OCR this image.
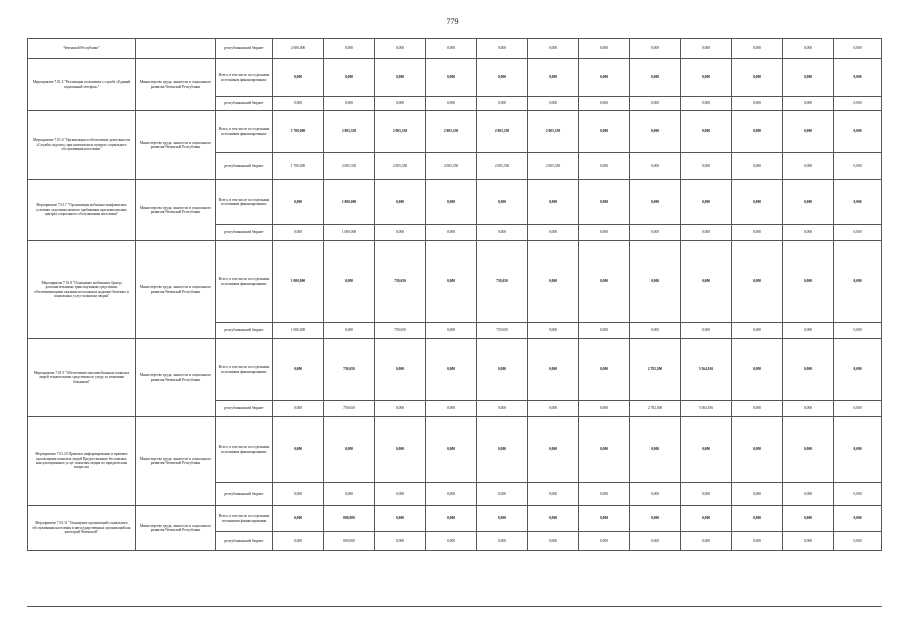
779
Чеченской Республике"		республиканский бюджет	2 600,000	0,000	0,000	0,000	0,000	0,000	0,000	0,000	0,000	0,000	0,000	0,000
Мероприятие 7.01.5 "Реализация положения о службе «Единый социальный телефон»"	Министерство труда, занятости и социального развития Чеченской Республики	Всего, в том числе по отдельным источникам финансирования:	0,000	0,000	0,000	0,000	0,000	0,000	0,000	0,000	0,000	0,000	0,000	0,000
		республиканский бюджет	0,000	0,000	0,000	0,000	0,000	0,000	0,000	0,000	0,000	0,000	0,000	0,000
Мероприятие 7.01.6 "Организация и обеспечение деятельности «Службы сиделок» при комплексных центрах социального обслуживания населения"	Министерство труда, занятости и социального развития Чеченской Республики	Всего, в том числе по отдельным источникам финансирования:	1 700,000	2 005,350	2 005,350	2 005,350	2 005,350	2 005,350	0,000	0,000	0,000	0,000	0,000	0,000
		республиканский бюджет	1 700,000	2 005,350	2 005,350	2 005,350	2 005,350	2 005,350	0,000	0,000	0,000	0,000	0,000	0,000
Мероприятие 7.01.7 "Организация мобильно-конфликтных условиях отделения ночного пребывания при комплексных центрах социального обслуживания населения"	Министерство труда, занятости и социального развития Чеченской Республики	Всего, в том числе по отдельным источникам финансирования:	0,000	1 000,000	0,000	0,000	0,000	0,000	0,000	0,000	0,000	0,000	0,000	0,000
		республиканский бюджет	0,000	1 000,000	0,000	0,000	0,000	0,000	0,000	0,000	0,000	0,000	0,000	0,000
Мероприятие 7.01.8 "Оснащение мобильных бригад дополнительными транспортными средствами, обеспечивающими оказание неотложных надомно-бытовых и социальных услуг пожилым людям"	Министерство труда, занятости и социального развития Чеченской Республики	Всего, в том числе по отдельным источникам финансирования:	1 000,000	0,000	759,650	0,000	759,650	0,000	0,000	0,000	0,000	0,000	0,000	0,000
		республиканский бюджет	1 000,000	0,000	759,650	0,000	759,650	0,000	0,000	0,000	0,000	0,000	0,000	0,000
Мероприятие 7.01.9 "Обеспечение малоимобильных пожилых людей техническими средствами по уходу за лежачими больными"	Министерство труда, занятости и социального развития Чеченской Республики	Всего, в том числе по отдельным источникам финансирования:	0,000	759,650	0,000	0,000	0,000	0,000	0,000	2 782,500	5 564,916	0,000	0,000	0,000
		республиканский бюджет	0,000	759,650	0,000	0,000	0,000	0,000	0,000	2 782,500	5 564,916	0,000	0,000	0,000
Мероприятие 7.01.10 Правовое информирование и правовое просвещение пожилых людей Предоставление бесплатных консультационных услуг пожилым людям по юридическим вопросам	Министерство труда, занятости и социального развития Чеченской Республики	Всего, в том числе по отдельным источникам финансирования:	0,000	0,000	0,000	0,000	0,000	0,000	0,000	0,000	0,000	0,000	0,000	0,000
		республиканский бюджет	0,000	0,000	0,000	0,000	0,000	0,000	0,000	0,000	0,000	0,000	0,000	0,000
Мероприятие 7.01.11 "Оснащение организаций социального обслуживания населения и негосударственных организаций как категорий Чеченской"	Министерство труда, занятости и социального развития Чеченской Республики	Всего, в том числе по отдельным источникам финансирования	0,000	800,000	0,000	0,000	0,000	0,000	0,000	0,000	0,000	0,000	0,000	0,000
		республиканский бюджет	0,000	800,000	0,000	0,000	0,000	0,000	0,000	0,000	0,000	0,000	0,000	0,000
